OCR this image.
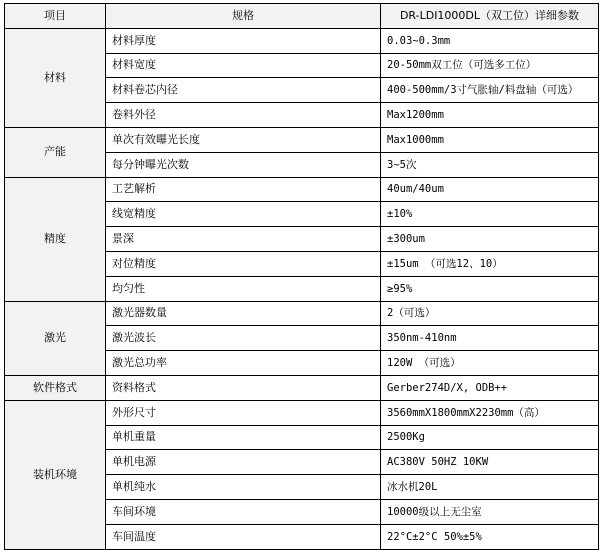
项目	规格	DR-LDI1000DL（双工位）详细参数
材料	材料厚度	0.03~0.3mm
	材料宽度	20-50mm双工位（可选多工位）
	材料卷芯内径	400-500mm/3寸气胀轴/料盘轴（可选）
	卷料外径	Max1200mm
产能	单次有效曝光长度	Max1000mm
	每分钟曝光次数	3~5次
精度	工艺解析	40um/40um
	线宽精度	±10%
	景深	±300um
	对位精度	±15um （可选12、10）
	均匀性	≥95%
激光	激光器数量	2（可选）
	激光波长	350nm-410nm
	激光总功率	120W （可选）
软件格式	资料格式	Gerber274D/X, ODB++
装机环境	外形尺寸	3560mmX1800mmX2230mm（高）
	单机重量	2500Kg
	单机电源	AC380V 50HZ 10KW
	单机纯水	冰水机20L
	车间环境	10000级以上无尘室
	车间温度	22°C±2°C 50%±5%
